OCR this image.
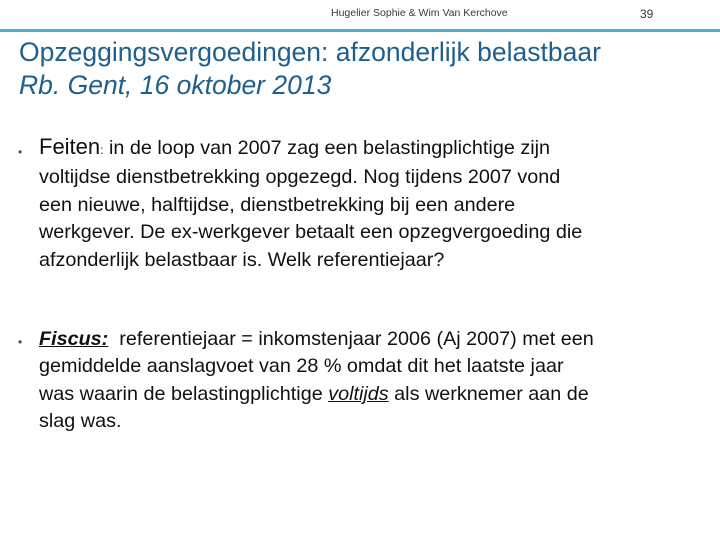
Hugelier Sophie & Wim Van Kerchove	39
Opzeggingsvergoedingen: afzonderlijk belastbaar
Rb. Gent, 16 oktober 2013
• Feiten: in de loop van 2007 zag een belastingplichtige zijn
voltijdse dienstbetrekking opgezegd. Nog tijdens 2007 vond
een nieuwe, halftijdse, dienstbetrekking bij een andere
werkgever. De ex-werkgever betaalt een opzegvergoeding die
afzonderlijk belastbaar is. Welk referentiejaar?
• Fiscus:  referentiejaar = inkomstenjaar 2006 (Aj 2007) met een
gemiddelde aanslagvoet van 28 % omdat dit het laatste jaar
was waarin de belastingplichtige voltijds als werknemer aan de
slag was.
